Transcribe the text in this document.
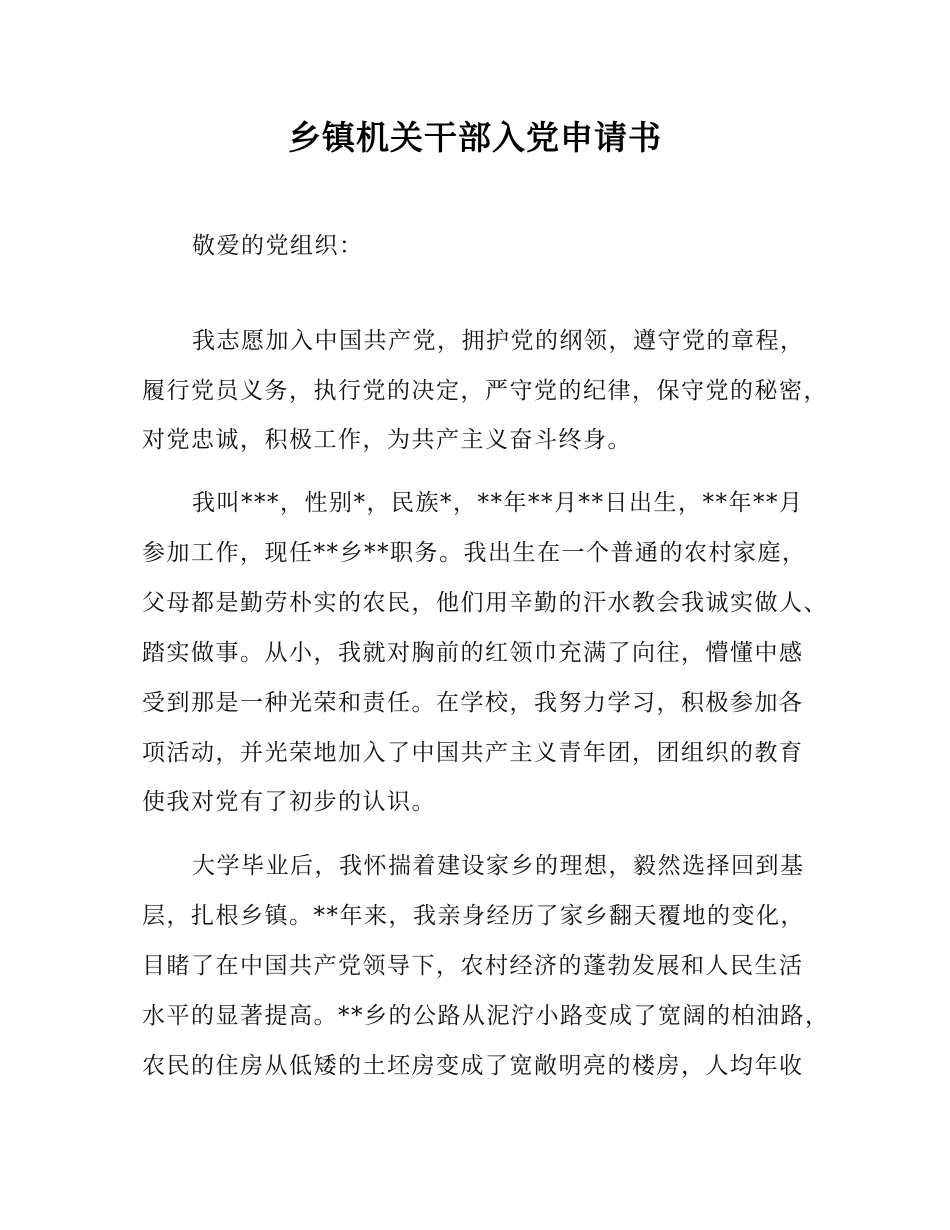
乡镇机关干部入党申请书
敬爱的党组织：
我志愿加入中国共产党，拥护党的纲领，遵守党的章程，
履行党员义务，执行党的决定，严守党的纪律，保守党的秘密，
对党忠诚，积极工作，为共产主义奋斗终身。
我叫***，性别*，民族*，**年**月**日出生，**年**月
参加工作，现任**乡**职务。我出生在一个普通的农村家庭，
父母都是勤劳朴实的农民，他们用辛勤的汗水教会我诚实做人、
踏实做事。从小，我就对胸前的红领巾充满了向往，懵懂中感
受到那是一种光荣和责任。在学校，我努力学习，积极参加各
项活动，并光荣地加入了中国共产主义青年团，团组织的教育
使我对党有了初步的认识。
大学毕业后，我怀揣着建设家乡的理想，毅然选择回到基
层，扎根乡镇。**年来，我亲身经历了家乡翻天覆地的变化，
目睹了在中国共产党领导下，农村经济的蓬勃发展和人民生活
水平的显著提高。**乡的公路从泥泞小路变成了宽阔的柏油路，
农民的住房从低矮的土坯房变成了宽敞明亮的楼房，人均年收
